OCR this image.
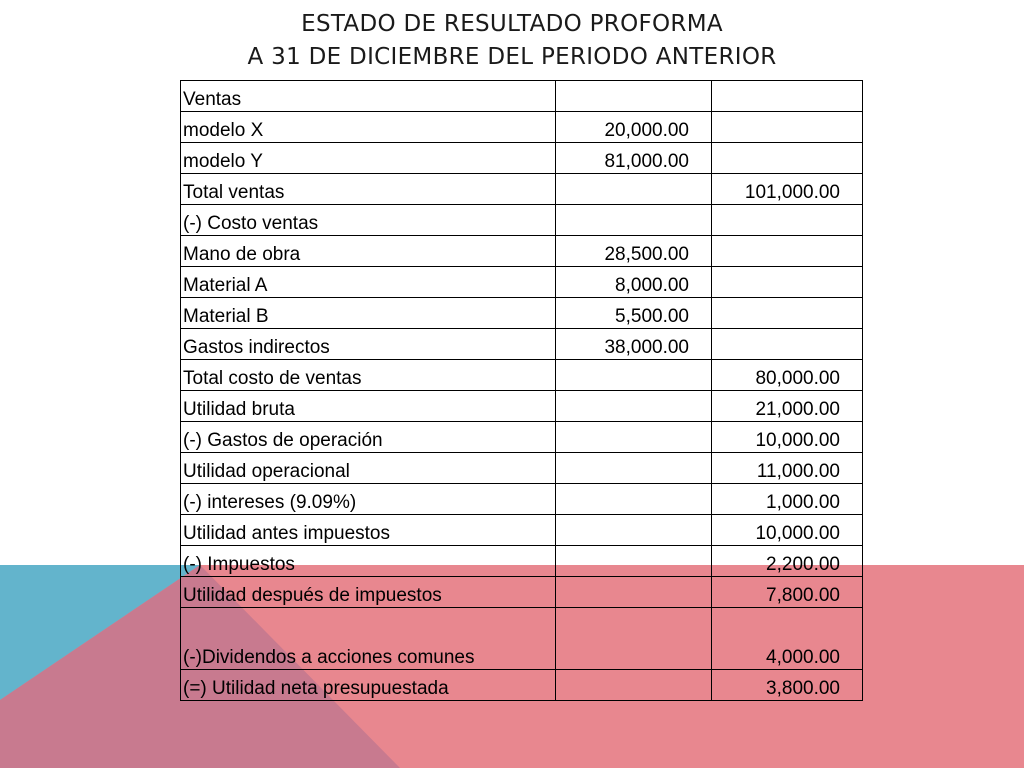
ESTADO DE RESULTADO PROFORMA
A 31 DE DICIEMBRE DEL PERIODO ANTERIOR
Ventas		
modelo X	20,000.00	
modelo Y	81,000.00	
Total ventas		101,000.00
(-) Costo ventas		
Mano de obra	28,500.00	
Material A	8,000.00	
Material B	5,500.00	
Gastos indirectos	38,000.00	
Total costo de ventas		80,000.00
Utilidad bruta		21,000.00
(-) Gastos de operación		10,000.00
Utilidad operacional		11,000.00
(-) intereses (9.09%)		1,000.00
Utilidad antes impuestos		10,000.00
(-) Impuestos		2,200.00
Utilidad después de impuestos		7,800.00
(-)Dividendos a acciones comunes		4,000.00
(=) Utilidad neta presupuestada		3,800.00
